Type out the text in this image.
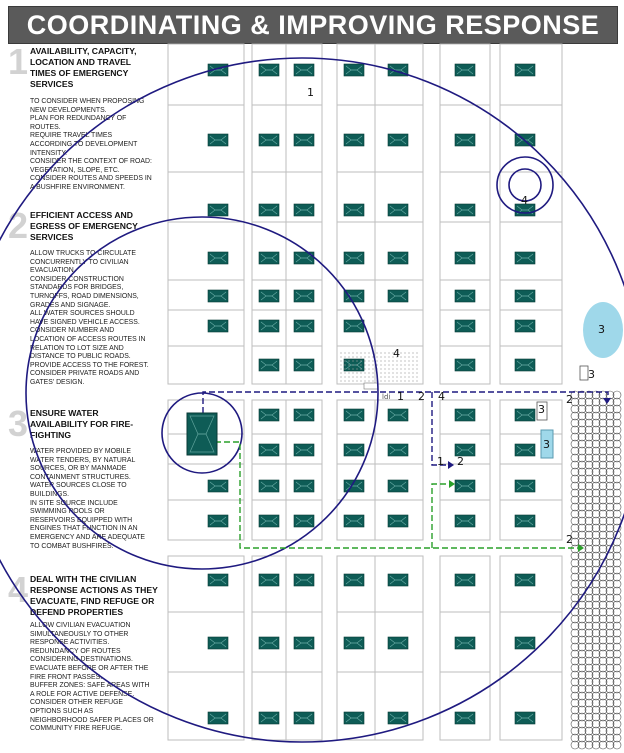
COORDINATING & IMPROVING RESPONSE
1 AVAILABILITY, CAPACITY,
LOCATION AND TRAVEL
TIMES OF EMERGENCY
SERVICES
TO CONSIDER WHEN PROPOSING
NEW DEVELOPMENTS.
PLAN FOR REDUNDANCY OF
ROUTES.
REQUIRE TRAVEL TIMES
ACCORDING TO DEVELOPMENT
INTENSITY.
CONSIDER THE CONTEXT OF ROAD:
VEGETATION, SLOPE, ETC.
CONSIDER ROUTES AND SPEEDS IN
A BUSHFIRE ENVIRONMENT.
2 EFFICIENT ACCESS AND
EGRESS OF EMERGENCY
SERVICES
ALLOW TRUCKS TO CIRCULATE
CONCURRENTLY TO CIVILIAN
EVACUATION.
CONSIDER CONSTRUCTION
STANDARDS FOR BRIDGES,
TURNOFFS, ROAD DIMENSIONS,
GRADES AND SIGNAGE.
ALL WATER SOURCES SHOULD
HAVE SIGNED VEHICLE ACCESS.
CONSIDER NUMBER AND
LOCATION OF ACCESS ROUTES IN
RELATION TO LOT SIZE AND
DISTANCE TO PUBLIC ROADS.
PROVIDE ACCESS TO THE FOREST.
CONSIDER PRIVATE ROADS AND
GATES' DESIGN.
3 ENSURE WATER
AVAILABILITY FOR FIRE-
FIGHTING
WATER PROVIDED BY MOBILE
WATER TENDERS, BY NATURAL
SOURCES, OR BY MANMADE
CONTAINMENT STRUCTURES.
WATER SOURCES CLOSE TO
BUILDINGS.
IN SITE SOURCE INCLUDE
SWIMMING POOLS OR
RESERVOIRS EQUIPPED WITH
ENGINES THAT FUNCTION IN AN
EMERGENCY AND ARE ADEQUATE
TO COMBAT BUSHFIRES.
4 DEAL WITH THE CIVILIAN
RESPONSE ACTIONS AS THEY
EVACUATE, FIND REFUGE OR
DEFEND PROPERTIES
ALLOW CIVILIAN EVACUATION
SIMULTANEOUSLY TO OTHER
RESPONSE ACTIVITIES.
REDUNDANCY OF ROUTES
CONSIDERING DESTINATIONS.
EVACUATE BEFORE OR AFTER THE
FIRE FRONT PASSES.
BUFFER ZONES: SAFE AREAS WITH
A ROLE FOR ACTIVE DEFENSE.
CONSIDER OTHER REFUGE
OPTIONS SUCH AS
NEIGHBORHOOD SAFER PLACES OR
COMMUNITY FIRE REFUGE.
ldi
1
4
3
3
4
1 2 4	2
3
3
1 2
2
